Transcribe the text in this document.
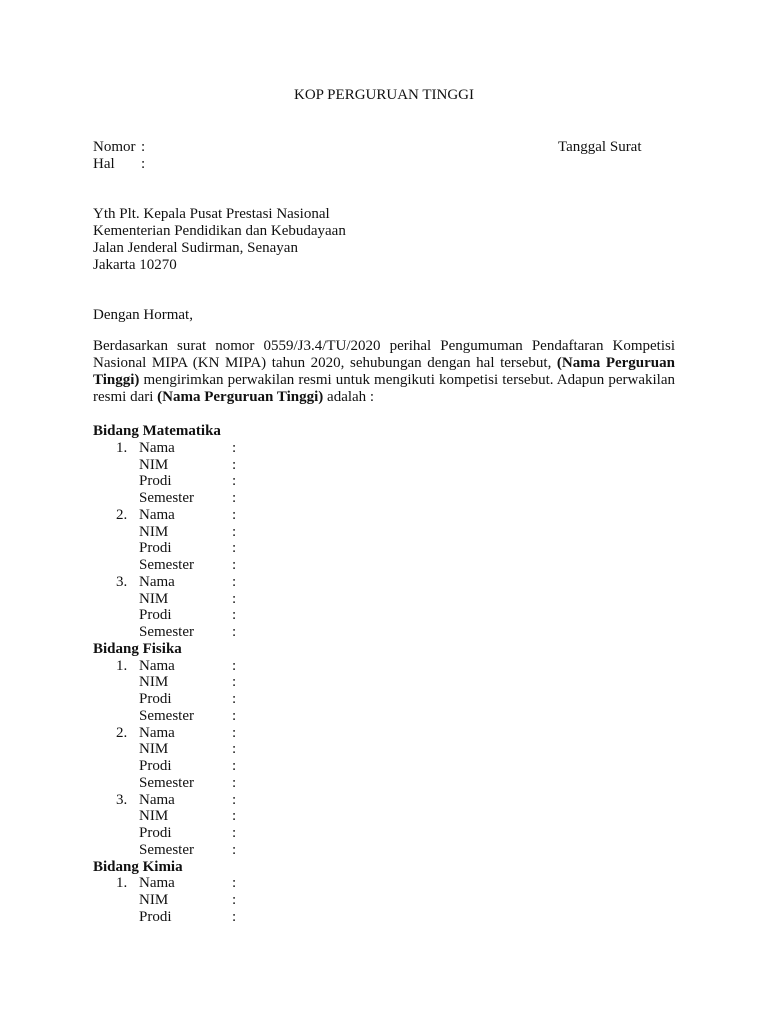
KOP PERGURUAN TINGGI
Nomor :
Hal :
Tanggal Surat
Yth Plt. Kepala Pusat Prestasi Nasional
Kementerian Pendidikan dan Kebudayaan
Jalan Jenderal Sudirman, Senayan
Jakarta 10270
Dengan Hormat,
Berdasarkan surat nomor 0559/J3.4/TU/2020 perihal Pengumuman Pendaftaran Kompetisi Nasional MIPA (KN MIPA) tahun 2020, sehubungan dengan hal tersebut, (Nama Perguruan Tinggi) mengirimkan perwakilan resmi untuk mengikuti kompetisi tersebut. Adapun perwakilan resmi dari (Nama Perguruan Tinggi) adalah :
Bidang Matematika
1. Nama	:
NIM	:
Prodi	:
Semester	:
2. Nama	:
NIM	:
Prodi	:
Semester	:
3. Nama	:
NIM	:
Prodi	:
Semester	:
Bidang Fisika
1. Nama	:
NIM	:
Prodi	:
Semester	:
2. Nama	:
NIM	:
Prodi	:
Semester	:
3. Nama	:
NIM	:
Prodi	:
Semester	:
Bidang Kimia
1. Nama	:
NIM	:
Prodi	:
